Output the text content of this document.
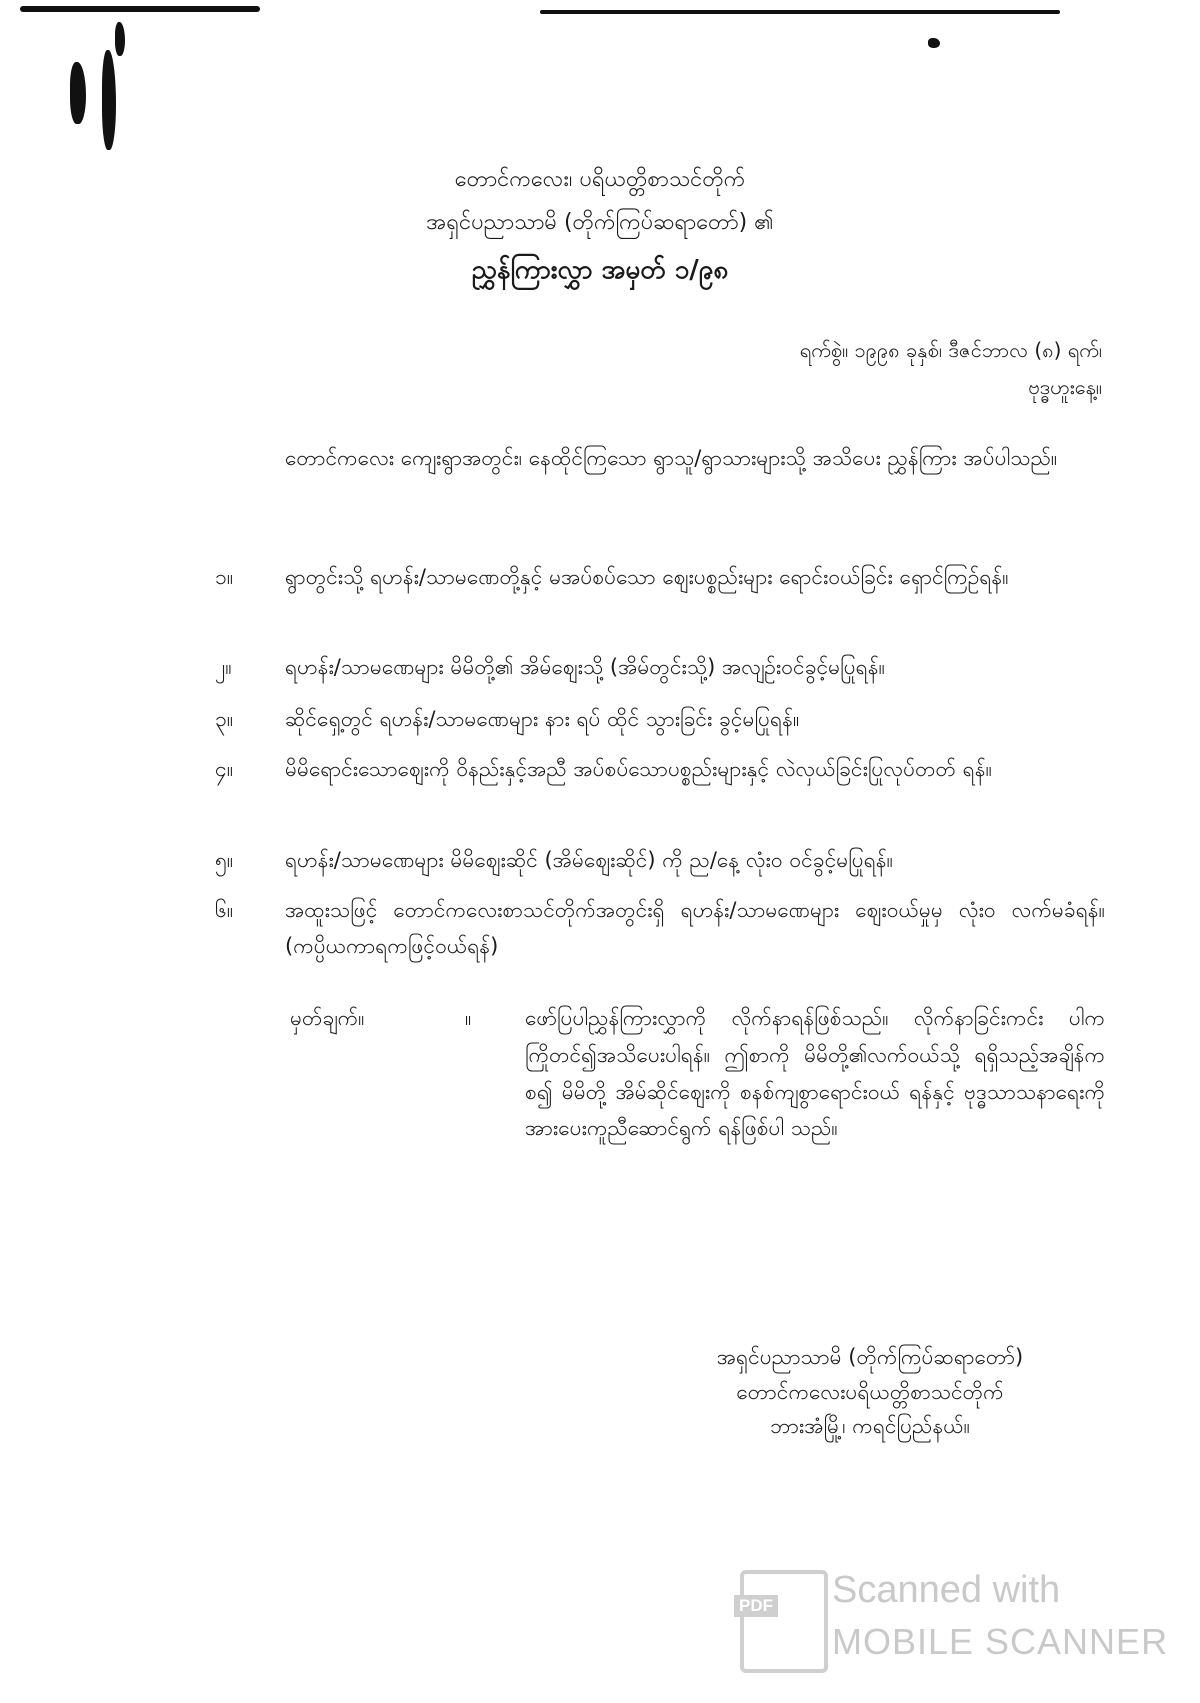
တောင်ကလေး၊ ပရိယတ္တိစာသင်တိုက်
အရှင်ပညာသာမိ (တိုက်ကြပ်ဆရာတော်) ၏
ညွှန်ကြားလွှာ အမှတ် ၁/၉၈
ရက်စွဲ။ ၁၉၉၈ ခုနှစ်၊ ဒီဇင်ဘာလ (၈) ရက်၊
ဗုဒ္ဓဟူးနေ့။
တောင်ကလေး ကျေးရွာအတွင်း၊ နေထိုင်ကြသော ရွာသူ/ရွာသားများသို့ အသိပေး ညွှန်ကြား အပ်ပါသည်။
၁။	ရွာတွင်းသို့ ရဟန်း/သာမဏေတို့နှင့် မအပ်စပ်သော ဈေးပစ္စည်းများ ရောင်းဝယ်ခြင်း ရှောင်ကြဉ်ရန်။
၂။	ရဟန်း/သာမဏေများ မိမိတို့၏ အိမ်ဈေးသို့ (အိမ်တွင်းသို့) အလျဉ်းဝင်ခွင့်မပြုရန်။
၃။	ဆိုင်ရှေ့တွင် ရဟန်း/သာမဏေများ နား ရပ် ထိုင် သွားခြင်း ခွင့်မပြုရန်။
၄။	မိမိရောင်းသောဈေးကို ဝိနည်းနှင့်အညီ အပ်စပ်သောပစ္စည်းများနှင့် လဲလှယ်ခြင်းပြုလုပ်တတ် ရန်။
၅။	ရဟန်း/သာမဏေများ မိမိဈေးဆိုင် (အိမ်ဈေးဆိုင်) ကို ည/နေ့ လုံးဝ ဝင်ခွင့်မပြုရန်။
၆။	အထူးသဖြင့် တောင်ကလေးစာသင်တိုက်အတွင်းရှိ ရဟန်း/သာမဏေများ ဈေးဝယ်မှုမှ လုံးဝ လက်မခံရန်။ (ကပ္ပိယကာရကဖြင့်ဝယ်ရန်)
မှတ်ချက်။	။	ဖော်ပြပါညွှန်ကြားလွှာကို လိုက်နာရန်ဖြစ်သည်။ လိုက်နာခြင်းကင်း ပါက ကြိုတင်၍အသိပေးပါရန်။ ဤစာကို မိမိတို့၏လက်ဝယ်သို့ ရရှိသည့်အချိန်ကစ၍ မိမိတို့ အိမ်ဆိုင်ဈေးကို စနစ်ကျစွာရောင်းဝယ် ရန်နှင့် ဗုဒ္ဓသာသနာရေးကို အားပေးကူညီဆောင်ရွက် ရန်ဖြစ်ပါ သည်။
အရှင်ပညာသာမိ (တိုက်ကြပ်ဆရာတော်)
တောင်ကလေးပရိယတ္တိစာသင်တိုက်
ဘားအံမြို့၊ ကရင်ပြည်နယ်။
PDF Scanned with
MOBILE SCANNER
